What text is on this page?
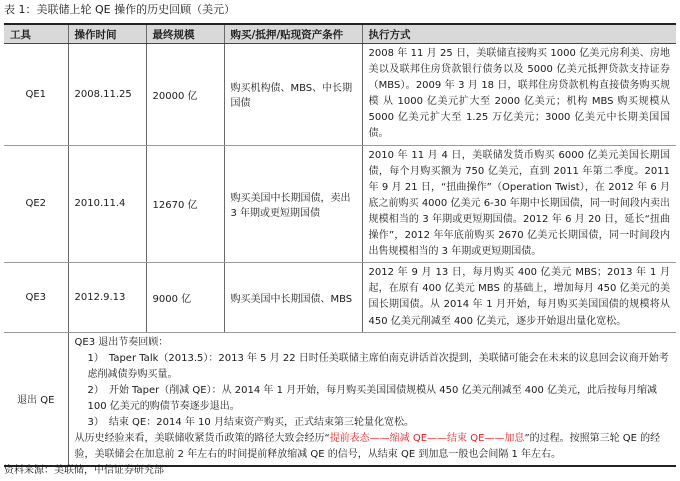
表 1：美联储上轮 QE 操作的历史回顾（美元）
工具	操作时间	最终规模	购买/抵押/贴现资产条件	执行方式
QE1	2008.11.25	20000 亿	购买机构债、MBS、中长期国债	2008 年 11 月 25 日，美联储直接购买 1000 亿美元房利美、房地美以及联邦住房贷款银行债务以及 5000 亿美元抵押贷款支持证券（MBS）。2009 年 3 月 18 日，联邦住房贷款机构直接债务购买规模 从 1000 亿美元扩大至 2000 亿美元；机构 MBS 购买规模从 5000 亿美元扩大至 1.25 万亿美元；3000 亿美元中长期美国国债。
QE2	2010.11.4	12670 亿	购买美国中长期国债，卖出 3 年期或更短期国债	2010 年 11 月 4 日，美联储发货币购买 6000 亿美元美国长期国债，每个月购买额为 750 亿美元，直到 2011 年第二季度。2011 年 9 月 21 日，“扭曲操作”（Operation Twist），在 2012 年 6 月底之前购买 4000 亿美元 6-30 年期中长期国债，同一时间段内卖出规模相当的 3 年期或更短期国债。2012 年 6 月 20 日，延长“扭曲操作”，2012 年年底前购买 2670 亿美元长期国债，同一时间段内出售规模相当的 3 年期或更短期国债。
QE3	2012.9.13	9000 亿	购买美国中长期国债、MBS	2012 年 9 月 13 日，每月购买 400 亿美元 MBS；2013 年 1 月起，在原有 400 亿美元 MBS 的基础上，增加每月 450 亿美元的美国长期国债。从 2014 年 1 月开始，每月购买美国国债的规模将从 450 亿美元削减至 400 亿美元，逐步开始退出量化宽松。
退出 QE	QE3 退出节奏回顾：

1）　Taper Talk（2013.5）：2013 年 5 月 22 日时任美联储主席伯南克讲话首次提到，美联储可能会在未来的议息回会议商开始考虑削减债券购买量。

2）　开始 Taper（削减 QE）：从 2014 年 1 月开始，每月购买美国国债规模从 450 亿美元削减至 400 亿美元，此后按每月缩减 100 亿美元的购债节奏逐步退出。

3）　结束 QE：2014 年 10 月结束资产购买，正式结束第三轮量化宽松。

从历史经验来看，美联储收紧货币政策的路径大致会经历“提前表态——缩减 QE——结束 QE——加息”的过程。按照第三轮 QE 的经验，美联储会在加息前 2 年左右的时间提前释放缩减 QE 的信号，从结束 QE 到加息一般也会间隔 1 年左右。			

资料来源：美联储，中信证券研究部
